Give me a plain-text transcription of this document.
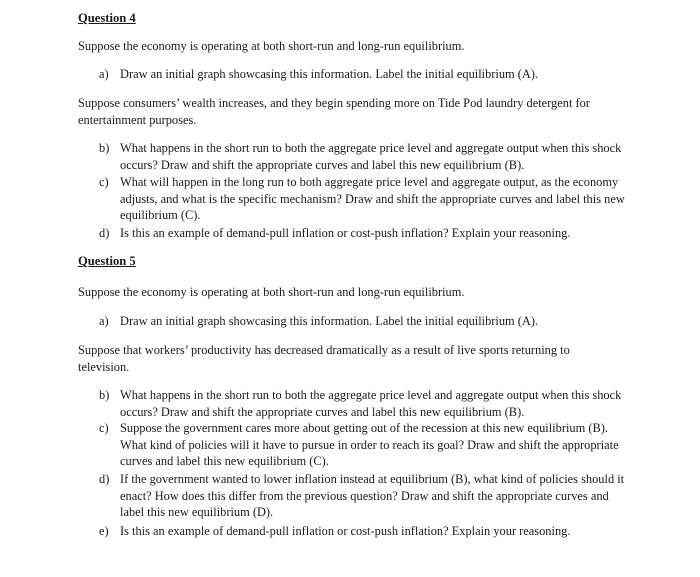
Question 4
Suppose the economy is operating at both short-run and long-run equilibrium.
a) Draw an initial graph showcasing this information. Label the initial equilibrium (A).
Suppose consumers’ wealth increases, and they begin spending more on Tide Pod laundry detergent for entertainment purposes.
b) What happens in the short run to both the aggregate price level and aggregate output when this shock occurs? Draw and shift the appropriate curves and label this new equilibrium (B).
c) What will happen in the long run to both aggregate price level and aggregate output, as the economy adjusts, and what is the specific mechanism? Draw and shift the appropriate curves and label this new equilibrium (C).
d) Is this an example of demand-pull inflation or cost-push inflation? Explain your reasoning.
Question 5
Suppose the economy is operating at both short-run and long-run equilibrium.
a) Draw an initial graph showcasing this information. Label the initial equilibrium (A).
Suppose that workers’ productivity has decreased dramatically as a result of live sports returning to television.
b) What happens in the short run to both the aggregate price level and aggregate output when this shock occurs? Draw and shift the appropriate curves and label this new equilibrium (B).
c) Suppose the government cares more about getting out of the recession at this new equilibrium (B). What kind of policies will it have to pursue in order to reach its goal? Draw and shift the appropriate curves and label this new equilibrium (C).
d) If the government wanted to lower inflation instead at equilibrium (B), what kind of policies should it enact? How does this differ from the previous question? Draw and shift the appropriate curves and label this new equilibrium (D).
e) Is this an example of demand-pull inflation or cost-push inflation? Explain your reasoning.
